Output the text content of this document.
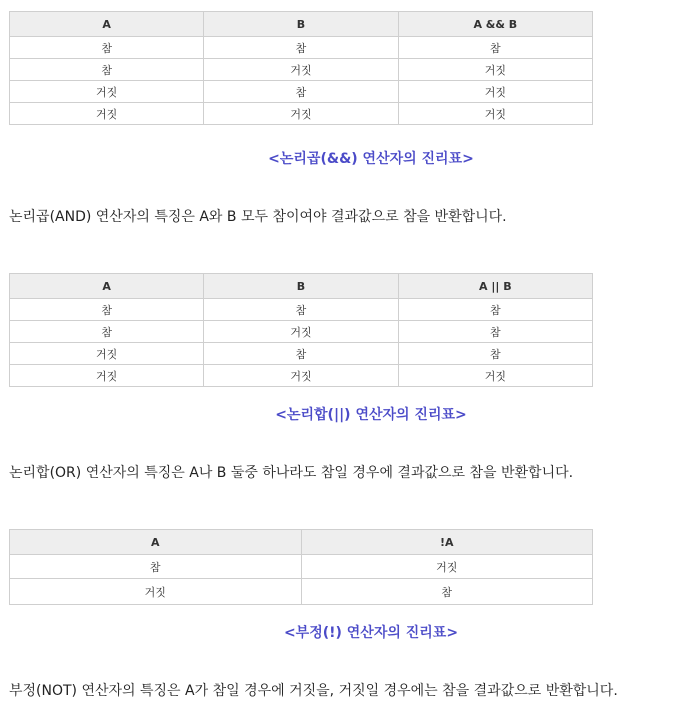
A	B	A && B
참	참	참
참	거짓	거짓
거짓	참	거짓
거짓	거짓	거짓

<논리곱(&&) 연산자의 진리표>

논리곱(AND) 연산자의 특징은 A와 B 모두 참이여야 결과값으로 참을 반환합니다.

A	B	A || B
참	참	참
참	거짓	참
거짓	참	참
거짓	거짓	거짓

<논리합(||) 연산자의 진리표>

논리합(OR) 연산자의 특징은 A나 B 둘중 하나라도 참일 경우에 결과값으로 참을 반환합니다.

A	!A
참	거짓
거짓	참

<부정(!) 연산자의 진리표>

부정(NOT) 연산자의 특징은 A가 참일 경우에 거짓을, 거짓일 경우에는 참을 결과값으로 반환합니다.
